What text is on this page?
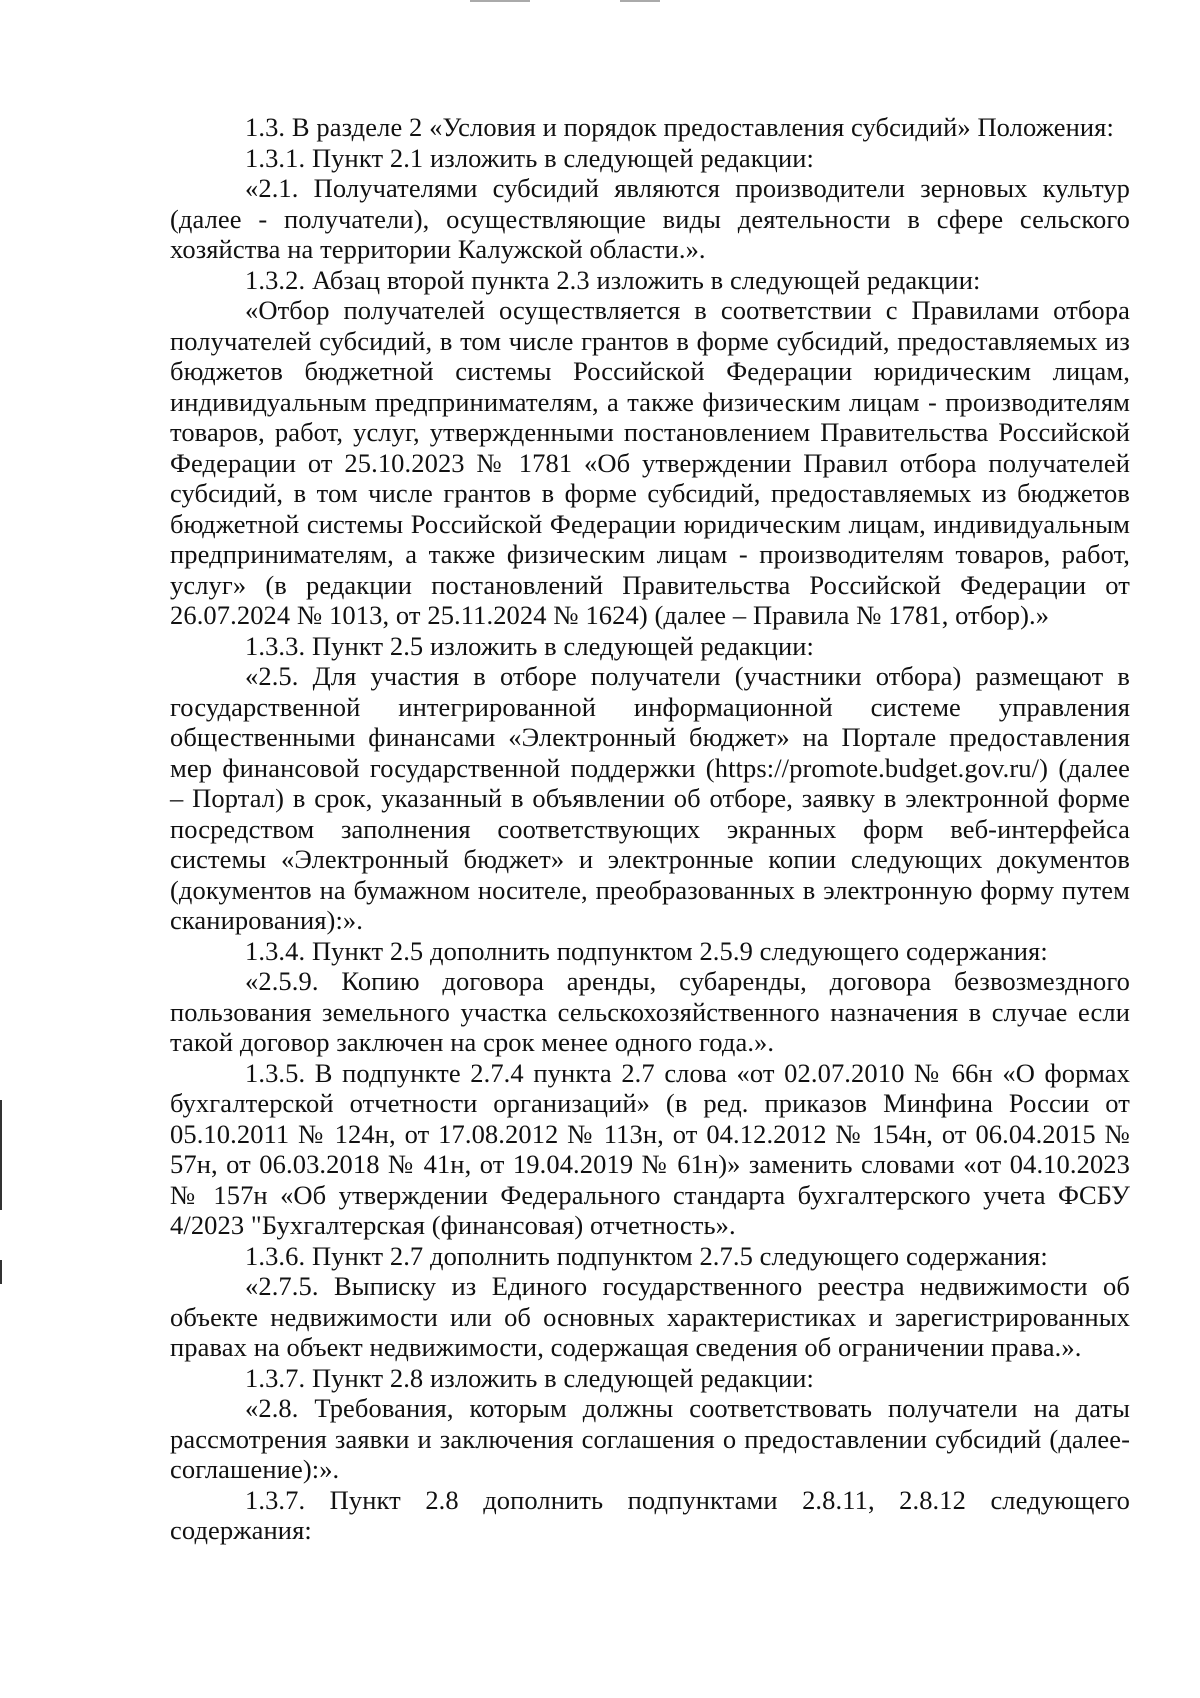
1.3. В разделе 2 «Условия и порядок предоставления субсидий» Положения:

1.3.1. Пункт 2.1 изложить в следующей редакции:

«2.1. Получателями субсидий являются производители зерновых культур (далее - получатели), осуществляющие виды деятельности в сфере сельского хозяйства на территории Калужской области.».

1.3.2. Абзац второй пункта 2.3 изложить в следующей редакции:

«Отбор получателей осуществляется в соответствии с Правилами отбора получателей субсидий, в том числе грантов в форме субсидий, предоставляемых из бюджетов бюджетной системы Российской Федерации юридическим лицам, индивидуальным предпринимателям, а также физическим лицам - производителям товаров, работ, услуг, утвержденными постановлением Правительства Российской Федерации от 25.10.2023 № 1781 «Об утверждении Правил отбора получателей субсидий, в том числе грантов в форме субсидий, предоставляемых из бюджетов бюджетной системы Российской Федерации юридическим лицам, индивидуальным предпринимателям, а также физическим лицам - производителям товаров, работ, услуг» (в редакции постановлений Правительства Российской Федерации от 26.07.2024 № 1013, от 25.11.2024 № 1624) (далее – Правила № 1781, отбор).»

1.3.3. Пункт 2.5 изложить в следующей редакции:

«2.5. Для участия в отборе получатели (участники отбора) размещают в государственной интегрированной информационной системе управления общественными финансами «Электронный бюджет» на Портале предоставления мер финансовой государственной поддержки (https://promote.budget.gov.ru/) (далее – Портал) в срок, указанный в объявлении об отборе, заявку в электронной форме посредством заполнения соответствующих экранных форм веб-интерфейса системы «Электронный бюджет» и электронные копии следующих документов (документов на бумажном носителе, преобразованных в электронную форму путем сканирования):».

1.3.4. Пункт 2.5 дополнить подпунктом 2.5.9 следующего содержания:

«2.5.9. Копию договора аренды, субаренды, договора безвозмездного пользования земельного участка сельскохозяйственного назначения в случае если такой договор заключен на срок менее одного года.».

1.3.5. В подпункте 2.7.4 пункта 2.7 слова «от 02.07.2010 № 66н «О формах бухгалтерской отчетности организаций» (в ред. приказов Минфина России от 05.10.2011 № 124н, от 17.08.2012 № 113н, от 04.12.2012 № 154н, от 06.04.2015 № 57н, от 06.03.2018 № 41н, от 19.04.2019 № 61н)» заменить словами «от 04.10.2023 № 157н «Об утверждении Федерального стандарта бухгалтерского учета ФСБУ 4/2023 "Бухгалтерская (финансовая) отчетность».

1.3.6. Пункт 2.7 дополнить подпунктом 2.7.5 следующего содержания:

«2.7.5. Выписку из Единого государственного реестра недвижимости об объекте недвижимости или об основных характеристиках и зарегистрированных правах на объект недвижимости, содержащая сведения об ограничении права.».

1.3.7. Пункт 2.8 изложить в следующей редакции:

«2.8. Требования, которым должны соответствовать получатели на даты рассмотрения заявки и заключения соглашения о предоставлении субсидий (далее-соглашение):».

1.3.7. Пункт 2.8 дополнить подпунктами 2.8.11, 2.8.12 следующего содержания:
